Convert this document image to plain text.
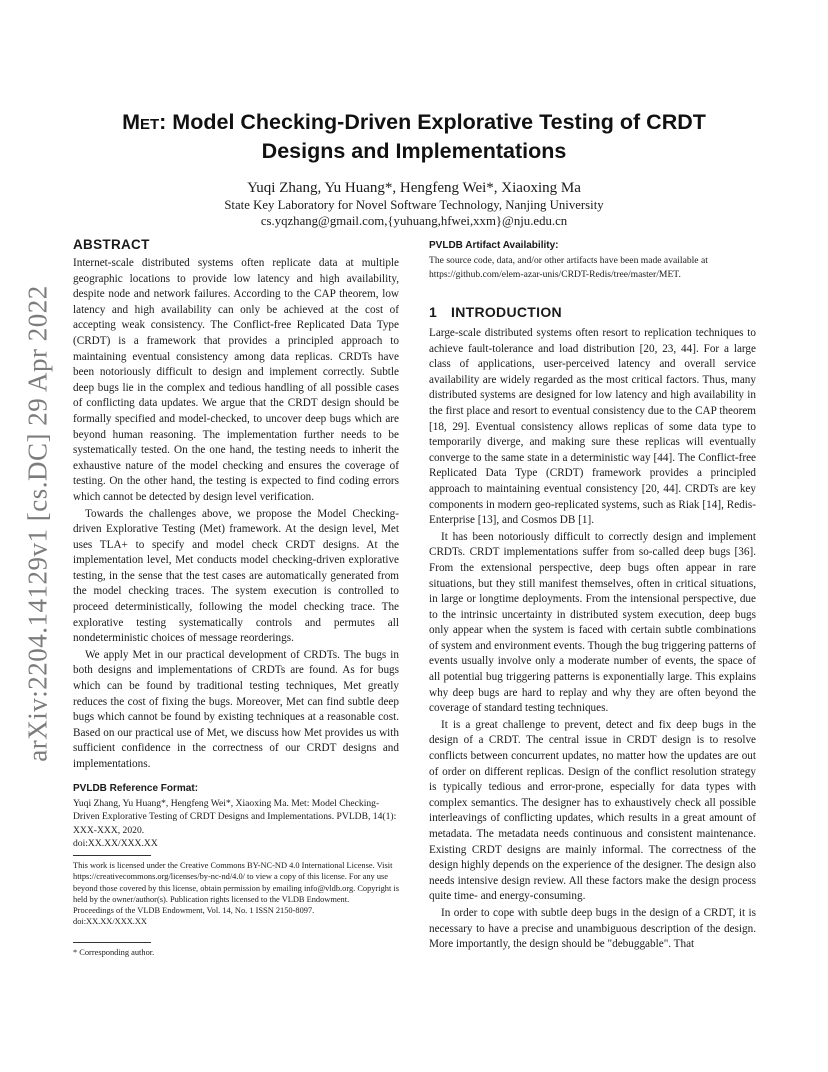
arXiv:2204.14129v1 [cs.DC] 29 Apr 2022
Met: Model Checking-Driven Explorative Testing of CRDT
Designs and Implementations
Yuqi Zhang, Yu Huang*, Hengfeng Wei*, Xiaoxing Ma
State Key Laboratory for Novel Software Technology, Nanjing University
cs.yqzhang@gmail.com,{yuhuang,hfwei,xxm}@nju.edu.cn
ABSTRACT

Internet-scale distributed systems often replicate data at multiple geographic locations to provide low latency and high availability, despite node and network failures. According to the CAP theorem, low latency and high availability can only be achieved at the cost of accepting weak consistency. The Conflict-free Replicated Data Type (CRDT) is a framework that provides a principled approach to maintaining eventual consistency among data replicas. CRDTs have been notoriously difficult to design and implement correctly. Subtle deep bugs lie in the complex and tedious handling of all possible cases of conflicting data updates. We argue that the CRDT design should be formally specified and model-checked, to uncover deep bugs which are beyond human reasoning. The implementation further needs to be systematically tested. On the one hand, the testing needs to inherit the exhaustive nature of the model checking and ensures the coverage of testing. On the other hand, the testing is expected to find coding errors which cannot be detected by design level verification.

Towards the challenges above, we propose the Model Checking-driven Explorative Testing (Met) framework. At the design level, Met uses TLA+ to specify and model check CRDT designs. At the implementation level, Met conducts model checking-driven explorative testing, in the sense that the test cases are automatically generated from the model checking traces. The system execution is controlled to proceed deterministically, following the model checking trace. The explorative testing systematically controls and permutes all nondeterministic choices of message reorderings.

We apply Met in our practical development of CRDTs. The bugs in both designs and implementations of CRDTs are found. As for bugs which can be found by traditional testing techniques, Met greatly reduces the cost of fixing the bugs. Moreover, Met can find subtle deep bugs which cannot be found by existing techniques at a reasonable cost. Based on our practical use of Met, we discuss how Met provides us with sufficient confidence in the correctness of our CRDT designs and implementations.

PVLDB Reference Format:

Yuqi Zhang, Yu Huang*, Hengfeng Wei*, Xiaoxing Ma. Met: Model Checking-Driven Explorative Testing of CRDT Designs and Implementations. PVLDB, 14(1): XXX-XXX, 2020.

doi:XX.XX/XXX.XX

This work is licensed under the Creative Commons BY-NC-ND 4.0 International License. Visit https://creativecommons.org/licenses/by-nc-nd/4.0/ to view a copy of this license. For any use beyond those covered by this license, obtain permission by emailing info@vldb.org. Copyright is held by the owner/author(s). Publication rights licensed to the VLDB Endowment.

Proceedings of the VLDB Endowment, Vol. 14, No. 1 ISSN 2150-8097.

doi:XX.XX/XXX.XX

* Corresponding author.

PVLDB Artifact Availability:

The source code, data, and/or other artifacts have been made available at https://github.com/elem-azar-unis/CRDT-Redis/tree/master/MET.

1 INTRODUCTION

Large-scale distributed systems often resort to replication techniques to achieve fault-tolerance and load distribution [20, 23, 44]. For a large class of applications, user-perceived latency and overall service availability are widely regarded as the most critical factors. Thus, many distributed systems are designed for low latency and high availability in the first place and resort to eventual consistency due to the CAP theorem [18, 29]. Eventual consistency allows replicas of some data type to temporarily diverge, and making sure these replicas will eventually converge to the same state in a deterministic way [44]. The Conflict-free Replicated Data Type (CRDT) framework provides a principled approach to maintaining eventual consistency [20, 44]. CRDTs are key components in modern geo-replicated systems, such as Riak [14], Redis-Enterprise [13], and Cosmos DB [1].

It has been notoriously difficult to correctly design and implement CRDTs. CRDT implementations suffer from so-called deep bugs [36]. From the extensional perspective, deep bugs often appear in rare situations, but they still manifest themselves, often in critical situations, in large or longtime deployments. From the intensional perspective, due to the intrinsic uncertainty in distributed system execution, deep bugs only appear when the system is faced with certain subtle combinations of system and environment events. Though the bug triggering patterns of events usually involve only a moderate number of events, the space of all potential bug triggering patterns is exponentially large. This explains why deep bugs are hard to replay and why they are often beyond the coverage of standard testing techniques.

It is a great challenge to prevent, detect and fix deep bugs in the design of a CRDT. The central issue in CRDT design is to resolve conflicts between concurrent updates, no matter how the updates are out of order on different replicas. Design of the conflict resolution strategy is typically tedious and error-prone, especially for data types with complex semantics. The designer has to exhaustively check all possible interleavings of conflicting updates, which results in a great amount of metadata. The metadata needs continuous and consistent maintenance. Existing CRDT designs are mainly informal. The correctness of the design highly depends on the experience of the designer. The design also needs intensive design review. All these factors make the design process quite time- and energy-consuming.

In order to cope with subtle deep bugs in the design of a CRDT, it is necessary to have a precise and unambiguous description of the design. More importantly, the design should be "debuggable". That
